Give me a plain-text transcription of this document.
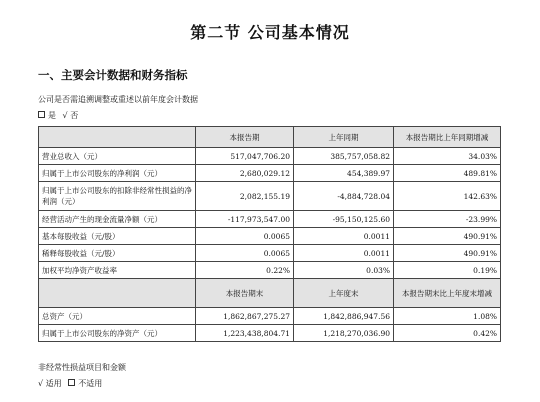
第二节 公司基本情况
一、主要会计数据和财务指标
公司是否需追溯调整或重述以前年度会计数据
是 √ 否
	本报告期	上年同期	本报告期比上年同期增减
营业总收入（元）	517,047,706.20	385,757,058.82	34.03%
归属于上市公司股东的净利润（元）	2,680,029.12	454,389.97	489.81%
归属于上市公司股东的扣除非经常性损益的净利润（元）	2,082,155.19	-4,884,728.04	142.63%
经营活动产生的现金流量净额（元）	-117,973,547.00	-95,150,125.60	-23.99%
基本每股收益（元/股）	0.0065	0.0011	490.91%
稀释每股收益（元/股）	0.0065	0.0011	490.91%
加权平均净资产收益率	0.22%	0.03%	0.19%
	本报告期末	上年度末	本报告期末比上年度末增减
总资产（元）	1,862,867,275.27	1,842,886,947.56	1.08%
归属于上市公司股东的净资产（元）	1,223,438,804.71	1,218,270,036.90	0.42%
非经常性损益项目和金额
√ 适用 不适用
